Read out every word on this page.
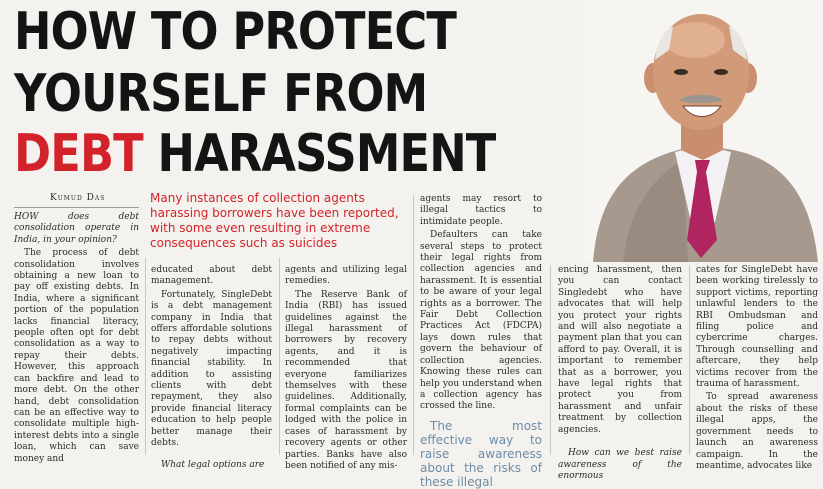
HOW TO PROTECT
YOURSELF FROM
DEBT HARASSMENT
Kumud Das	Many instances of collection agents harassing borrowers have been reported, with some even resulting in extreme consequences such as suicides

HOW does debt consolidation operate in India, in your opinion?

The process of debt consolidation involves obtaining a new loan to pay off existing debts. In India, where a significant portion of the population lacks financial literacy, people often opt for debt consolidation as a way to repay their debts. However, this approach can backfire and lead to more debt. On the other hand, debt consolidation can be an effective way to consolidate multiple high-interest debts into a single loan, which can save money and

educated about debt management.

Fortunately, SingleDebt is a debt management company in India that offers affordable solutions to repay debts without negatively impacting financial stability. In addition to assisting clients with debt repayment, they also provide financial literacy education to help people better manage their debts.

What legal options are

agents and utilizing legal remedies.

The Reserve Bank of India (RBI) has issued guidelines against the illegal harassment of borrowers by recovery agents, and it is recommended that everyone familiarizes themselves with these guidelines. Additionally, formal complaints can be lodged with the police in cases of harassment by recovery agents or other parties. Banks have also been notified of any mis-

agents may resort to illegal tactics to intimidate people.

Defaulters can take several steps to protect their legal rights from collection agencies and harassment. It is essential to be aware of your legal rights as a borrower. The Fair Debt Collection Practices Act (FDCPA) lays down rules that govern the behaviour of collection agencies. Knowing these rules can help you understand when a collection agency has crossed the line.

The most effective way to raise awareness about the risks of these illegal

encing harassment, then you can contact Singledebt who have advocates that will help you protect your rights and will also negotiate a payment plan that you can afford to pay. Overall, it is important to remember that as a borrower, you have legal rights that protect you from harassment and unfair treatment by collection agencies.

How can we best raise awareness of the enormous

cates for SingleDebt have been working tirelessly to support victims, reporting unlawful lenders to the RBI Ombudsman and filing police and cybercrime charges. Through counselling and aftercare, they help victims recover from the trauma of harassment.

To spread awareness about the risks of these illegal apps, the government needs to launch an awareness campaign. In the meantime, advocates like
